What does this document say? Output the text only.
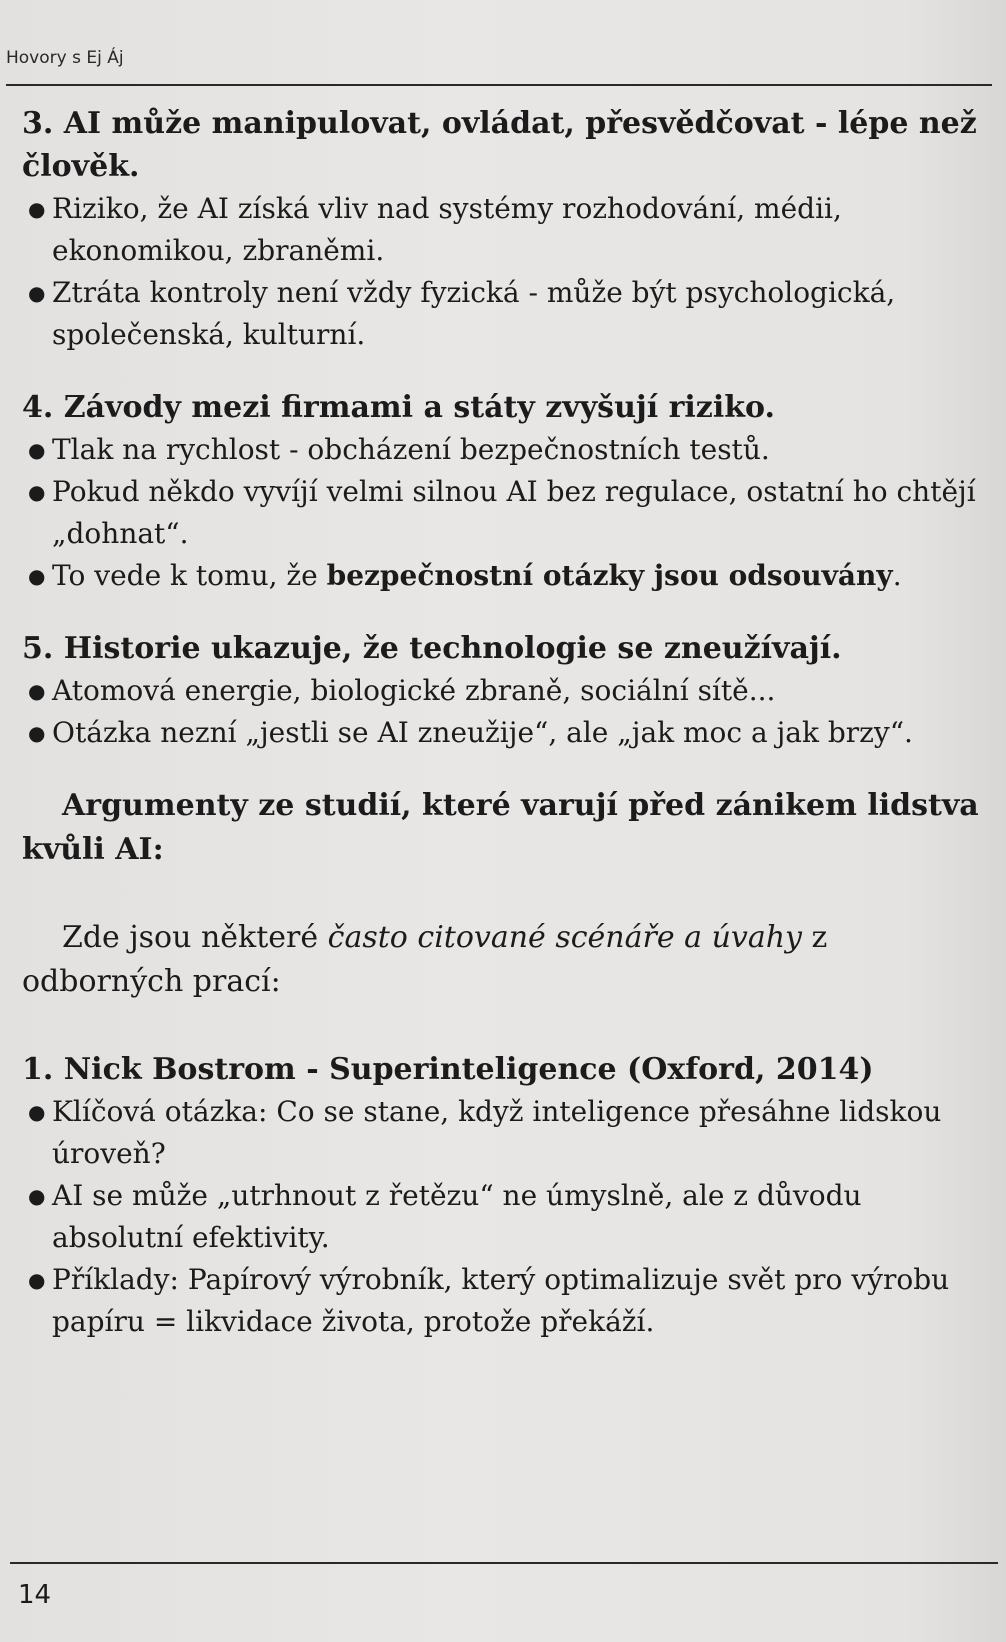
Hovory s Ej Áj

3. AI může manipulovat, ovládat, přesvědčovat - lépe než člověk.

● Riziko, že AI získá vliv nad systémy rozhodování, médii, ekonomikou, zbraněmi.

● Ztráta kontroly není vždy fyzická - může být psychologická, společenská, kulturní.

4. Závody mezi firmami a státy zvyšují riziko.

● Tlak na rychlost - obcházení bezpečnostních testů.

● Pokud někdo vyvíjí velmi silnou AI bez regulace, ostatní ho chtějí „dohnat“.

● To vede k tomu, že bezpečnostní otázky jsou odsouvány.

5. Historie ukazuje, že technologie se zneužívají.

● Atomová energie, biologické zbraně, sociální sítě...

● Otázka nezní „jestli se AI zneužije“, ale „jak moc a jak brzy“.

Argumenty ze studií, které varují před zánikem lidstva kvůli AI:

Zde jsou některé často citované scénáře a úvahy z odborných prací:

1. Nick Bostrom - Superinteligence (Oxford, 2014)

● Klíčová otázka: Co se stane, když inteligence přesáhne lidskou úroveň?

● AI se může „utrhnout z řetězu“ ne úmyslně, ale z důvodu absolutní efektivity.

● Příklady: Papírový výrobník, který optimalizuje svět pro výrobu papíru = likvidace života, protože překáží.

14
